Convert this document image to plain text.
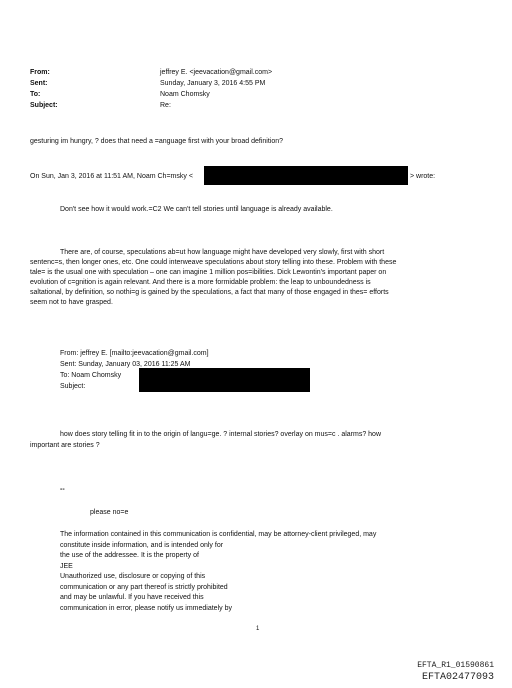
From:
Sent:
To:
Subject:
jeffrey E. <jeevacation@gmail.com>
Sunday, January 3, 2016 4:55 PM
Noam Chomsky
Re:
gesturing im hungry, ? does that need a =anguage first with your broad definition?
On Sun, Jan 3, 2016 at 11:51 AM, Noam Ch=msky <	> wrote:
Don't see how it would work.=C2 We can't tell stories until language is already available.
There are, of course, speculations ab=ut how language might have developed very slowly, first with short
sentenc=s, then longer ones, etc. One could interweave speculations about story telling into these. Problem with these
tale= is the usual one with speculation – one can imagine 1 million pos=ibilities. Dick Lewontin's important paper on
evolution of c=gnition is again relevant. And there is a more formidable problem: the leap to unboundedness is
saltational, by definition, so nothi=g is gained by the speculations, a fact that many of those engaged in thes= efforts
seem not to have grasped.
From: jeffrey E. [mailto:jeevacation@gmail.com]
Sent: Sunday, January 03, 2016 11:25 AM
To: Noam Chomsky
Subject:
how does story telling fit in to the origin of langu=ge. ? internal stories? overlay on mus=c . alarms? how
important are stories ?
--
please no=e
The information contained in this communication is confidential, may be attorney-client privileged, may
constitute inside information, and is intended only for
the use of the addressee. It is the property of
JEE
Unauthorized use, disclosure or copying of this
communication or any part thereof is strictly prohibited
and may be unlawful. If you have received this
communication in error, please notify us immediately by
1
EFTA_R1_01590861
EFTA02477093
